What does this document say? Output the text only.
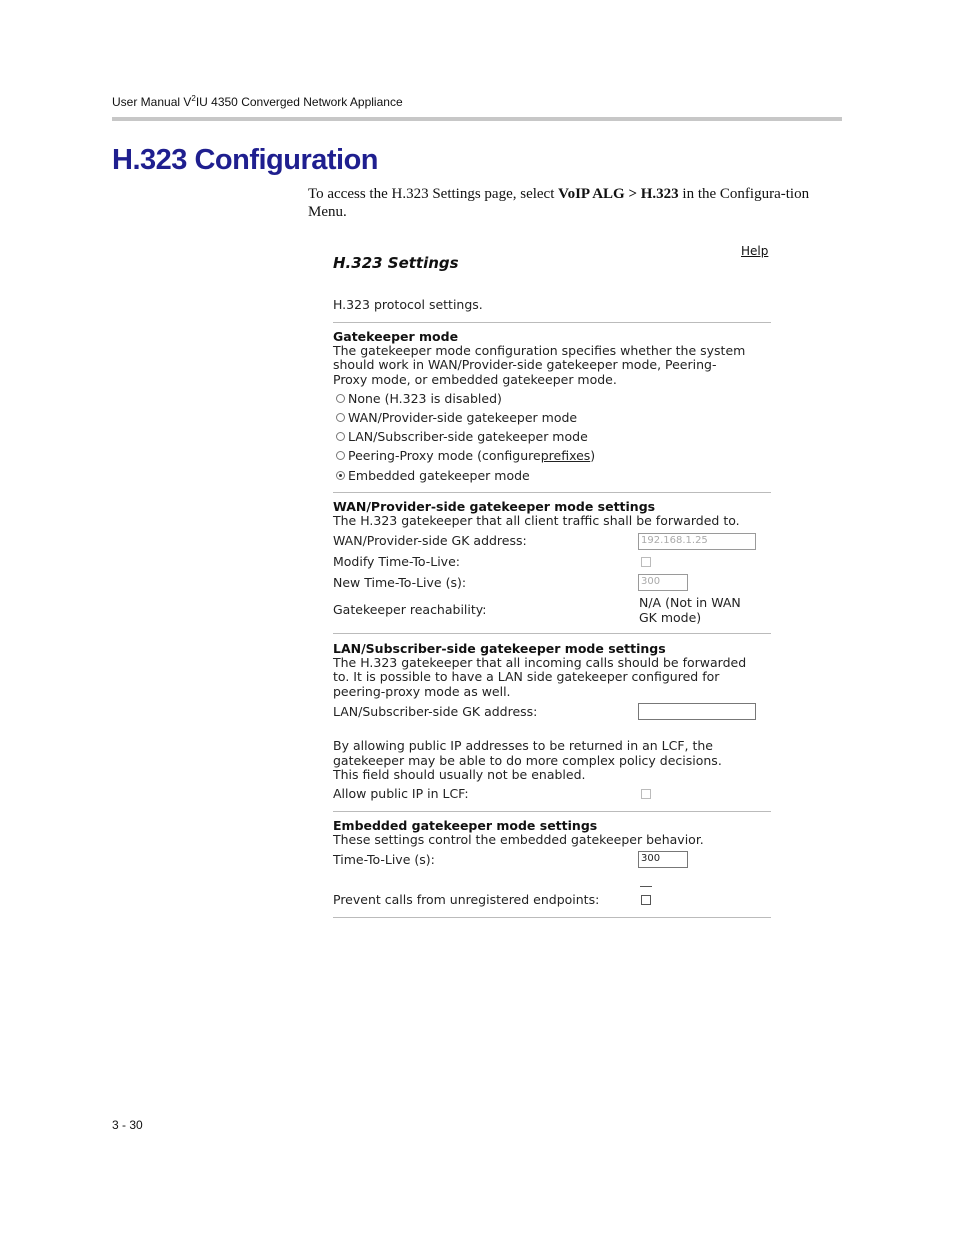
User Manual $V^2IU$ 4350 Converged Network Appliance
H.323 Configuration
To access the H.323 Settings page, select VoIP ALG > H.323 in the Configura-tion Menu.
Help
H.323 Settings
H.323 protocol settings.
Gatekeeper mode
The gatekeeper mode configuration specifies whether the system
should work in WAN/Provider-side gatekeeper mode, Peering-
Proxy mode, or embedded gatekeeper mode.
None (H.323 is disabled)
WAN/Provider-side gatekeeper mode
LAN/Subscriber-side gatekeeper mode
Peering-Proxy mode (configure prefixes )
Embedded gatekeeper mode
WAN/Provider-side gatekeeper mode settings
The H.323 gatekeeper that all client traffic shall be forwarded to.
WAN/Provider-side GK address:	192.168.1.25
Modify Time-To-Live:
New Time-To-Live (s):	300
Gatekeeper reachability:	N/A (Not in WAN
GK mode)
LAN/Subscriber-side gatekeeper mode settings
The H.323 gatekeeper that all incoming calls should be forwarded
to. It is possible to have a LAN side gatekeeper configured for
peering-proxy mode as well.
LAN/Subscriber-side GK address:
By allowing public IP addresses to be returned in an LCF, the
gatekeeper may be able to do more complex policy decisions.
This field should usually not be enabled.
Allow public IP in LCF:
Embedded gatekeeper mode settings
These settings control the embedded gatekeeper behavior.
Time-To-Live (s):	300
Prevent calls from unregistered endpoints:
3 - 30
